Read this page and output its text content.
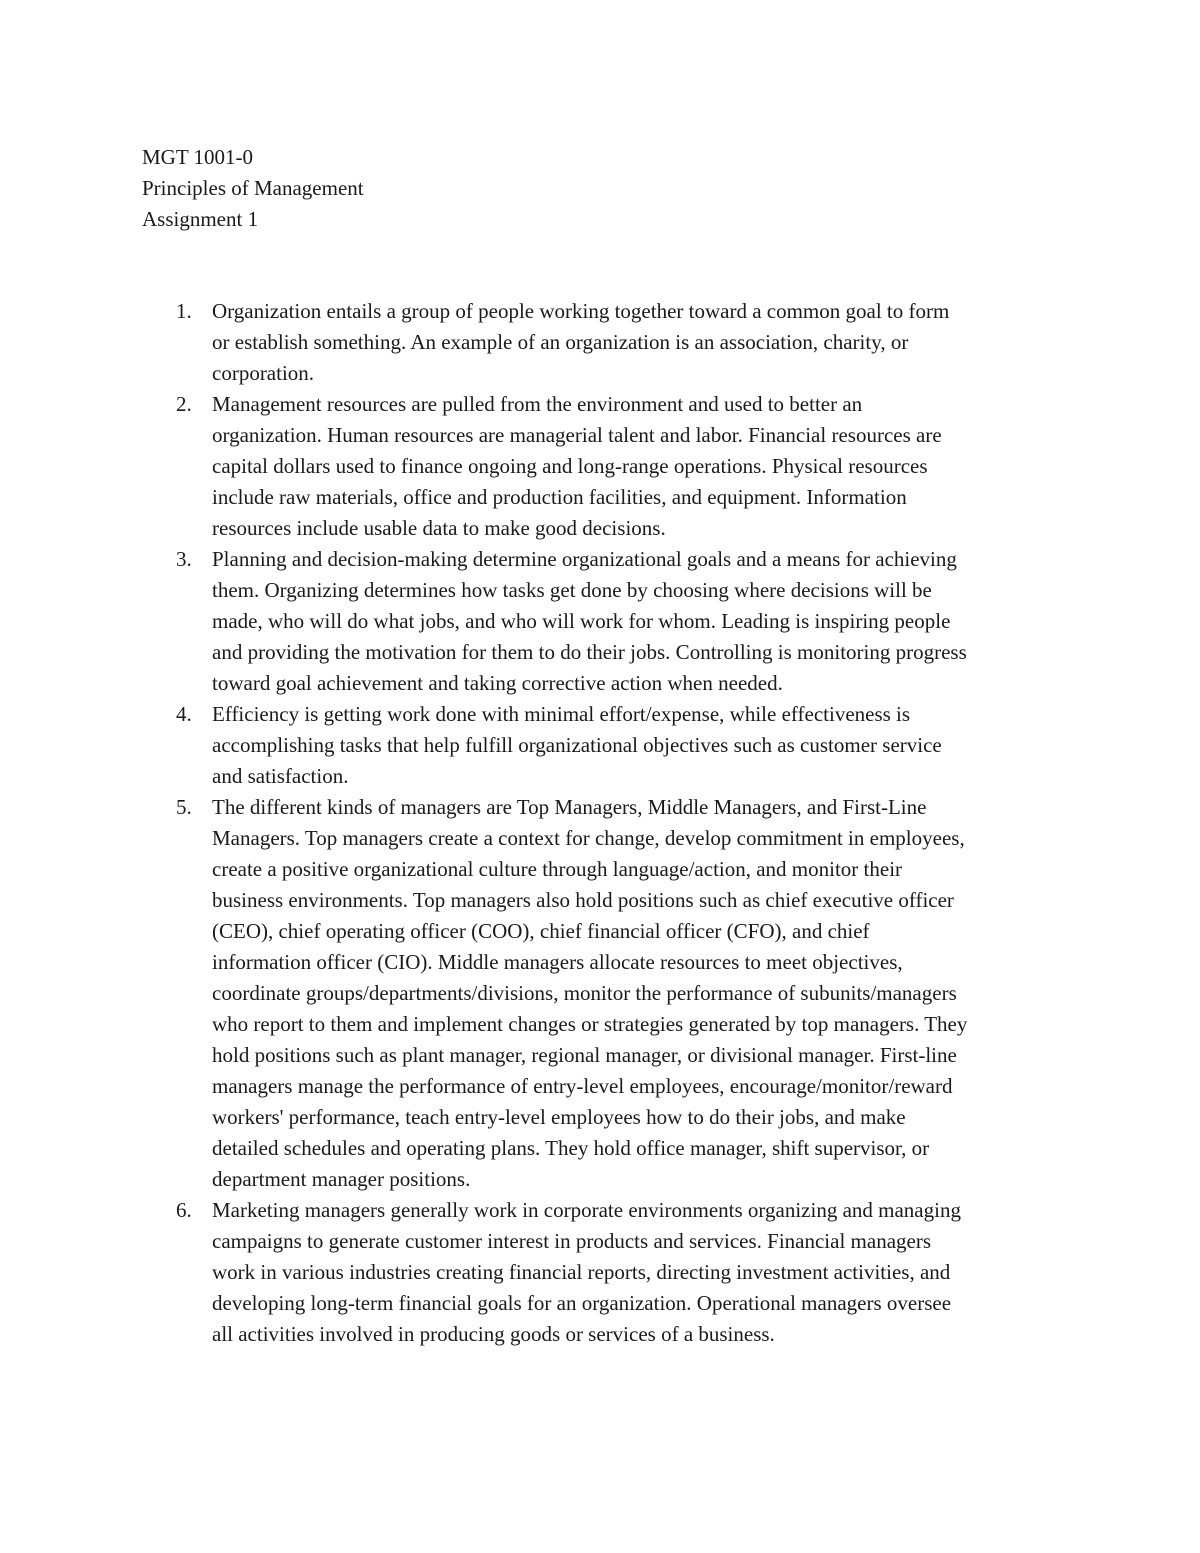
MGT 1001-0
Principles of Management
Assignment 1
1. Organization entails a group of people working together toward a common goal to form
or establish something. An example of an organization is an association, charity, or
corporation.
2. Management resources are pulled from the environment and used to better an
organization. Human resources are managerial talent and labor. Financial resources are
capital dollars used to finance ongoing and long-range operations. Physical resources
include raw materials, office and production facilities, and equipment. Information
resources include usable data to make good decisions.
3. Planning and decision-making determine organizational goals and a means for achieving
them. Organizing determines how tasks get done by choosing where decisions will be
made, who will do what jobs, and who will work for whom. Leading is inspiring people
and providing the motivation for them to do their jobs. Controlling is monitoring progress
toward goal achievement and taking corrective action when needed.
4. Efficiency is getting work done with minimal effort/expense, while effectiveness is
accomplishing tasks that help fulfill organizational objectives such as customer service
and satisfaction.
5. The different kinds of managers are Top Managers, Middle Managers, and First-Line
Managers. Top managers create a context for change, develop commitment in employees,
create a positive organizational culture through language/action, and monitor their
business environments. Top managers also hold positions such as chief executive officer
(CEO), chief operating officer (COO), chief financial officer (CFO), and chief
information officer (CIO). Middle managers allocate resources to meet objectives,
coordinate groups/departments/divisions, monitor the performance of subunits/managers
who report to them and implement changes or strategies generated by top managers. They
hold positions such as plant manager, regional manager, or divisional manager. First-line
managers manage the performance of entry-level employees, encourage/monitor/reward
workers' performance, teach entry-level employees how to do their jobs, and make
detailed schedules and operating plans. They hold office manager, shift supervisor, or
department manager positions.
6. Marketing managers generally work in corporate environments organizing and managing
campaigns to generate customer interest in products and services. Financial managers
work in various industries creating financial reports, directing investment activities, and
developing long-term financial goals for an organization. Operational managers oversee
all activities involved in producing goods or services of a business.
